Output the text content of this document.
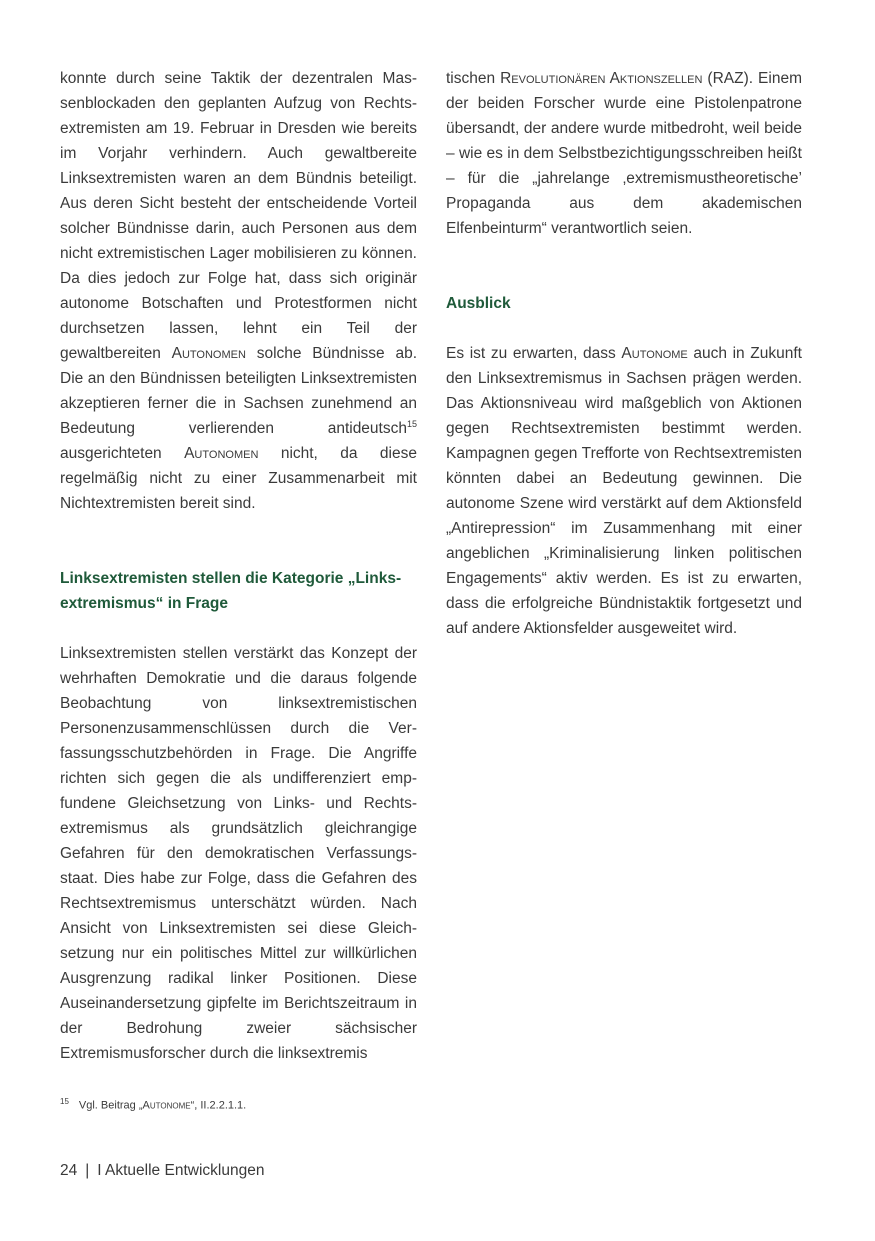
konnte durch seine Taktik der dezentralen Massenblockaden den geplanten Aufzug von Rechtsextremisten am 19. Februar in Dresden wie bereits im Vorjahr verhindern. Auch gewaltbereite Linksextremisten waren an dem Bündnis beteiligt. Aus deren Sicht besteht der entscheidende Vorteil solcher Bündnisse darin, auch Personen aus dem nicht extremistischen Lager mobilisieren zu können. Da dies jedoch zur Folge hat, dass sich originär autonome Botschaften und Protestformen nicht durchsetzen lassen, lehnt ein Teil der gewaltbereiten Autonomen solche Bündnisse ab. Die an den Bündnissen beteiligten Linksextremisten akzeptieren ferner die in Sachsen zunehmend an Bedeutung verlierenden antideutsch$^{15}$ ausgerichteten Autonomen nicht, da diese regelmäßig nicht zu einer Zusammenarbeit mit Nichtextremisten bereit sind.

Linksextremisten stellen die Kategorie „Linksextremismus“ in Frage

Linksextremisten stellen verstärkt das Konzept der wehrhaften Demokratie und die daraus folgende Beobachtung von linksextremistischen Personenzusammenschlüssen durch die Verfassungsschutzbehörden in Frage. Die Angriffe richten sich gegen die als undifferenziert empfundene Gleichsetzung von Links- und Rechtsextremismus als grundsätzlich gleichrangige Gefahren für den demokratischen Verfassungsstaat. Dies habe zur Folge, dass die Gefahren des Rechtsextremismus unterschätzt würden. Nach Ansicht von Linksextremisten sei diese Gleichsetzung nur ein politisches Mittel zur willkürlichen Ausgrenzung radikal linker Positionen. Diese Auseinandersetzung gipfelte im Berichtszeitraum in der Bedrohung zweier sächsischer Extremismusforscher durch die linksextremis

tischen Revolutionären Aktionszellen (RAZ). Einem der beiden Forscher wurde eine Pistolenpatrone übersandt, der andere wurde mitbedroht, weil beide – wie es in dem Selbstbezichtigungsschreiben heißt – für die „jahrelange ‚extremismustheoretische’ Propaganda aus dem akademischen Elfenbeinturm“ verantwortlich seien.

Ausblick

Es ist zu erwarten, dass Autonome auch in Zukunft den Linksextremismus in Sachsen prägen werden. Das Aktionsniveau wird maßgeblich von Aktionen gegen Rechtsextremisten bestimmt werden. Kampagnen gegen Trefforte von Rechtsextremisten könnten dabei an Bedeutung gewinnen. Die autonome Szene wird verstärkt auf dem Aktionsfeld „Antirepression“ im Zusammenhang mit einer angeblichen „Kriminalisierung linken politischen Engagements“ aktiv werden. Es ist zu erwarten, dass die erfolgreiche Bündnistaktik fortgesetzt und auf andere Aktionsfelder ausgeweitet wird.

$^{15}$ Vgl. Beitrag „Autonome“, II.2.2.1.1.
24 | I Aktuelle Entwicklungen
